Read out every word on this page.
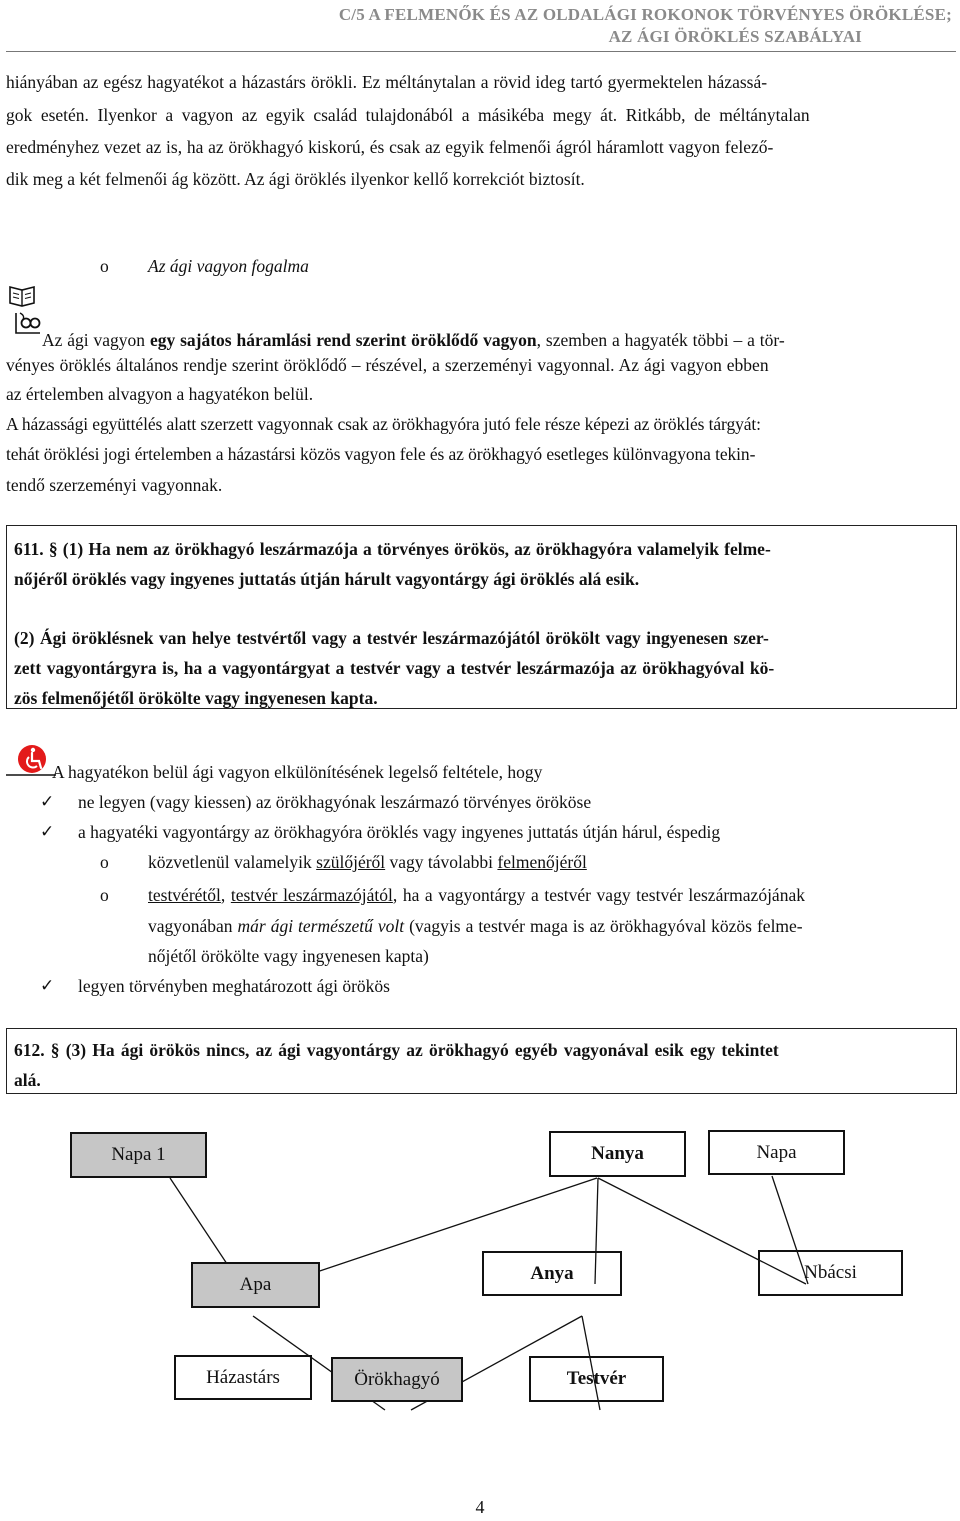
C/5 A FELMENŐK ÉS AZ OLDALÁGI ROKONOK TÖRVÉNYES ÖRÖKLÉSE;
AZ ÁGI ÖRÖKLÉS SZABÁLYAI
hiányában az egész hagyatékot a házastárs örökli. Ez méltánytalan a rövid ideg tartó gyermektelen házassá-
gok esetén. Ilyenkor a vagyon az egyik család tulajdonából a másikéba megy át. Ritkább, de méltánytalan
eredményhez vezet az is, ha az örökhagyó kiskorú, és csak az egyik felmenői ágról háramlott vagyon felező-
dik meg a két felmenői ág között. Az ági öröklés ilyenkor kellő korrekciót biztosít.
o Az ági vagyon fogalma
Az ági vagyon egy sajátos háramlási rend szerint öröklődő vagyon, szemben a hagyaték többi – a tör-
vényes öröklés általános rendje szerint öröklődő – részével, a szerzeményi vagyonnal. Az ági vagyon ebben
az értelemben alvagyon a hagyatékon belül.
A házassági együttélés alatt szerzett vagyonnak csak az örökhagyóra jutó fele része képezi az öröklés tárgyát:
tehát öröklési jogi értelemben a házastársi közös vagyon fele és az örökhagyó esetleges különvagyona tekin-
tendő szerzeményi vagyonnak.
611. § (1) Ha nem az örökhagyó leszármazója a törvényes örökös, az örökhagyóra valamelyik felme-
nőjéről öröklés vagy ingyenes juttatás útján hárult vagyontárgy ági öröklés alá esik.
(2) Ági öröklésnek van helye testvértől vagy a testvér leszármazójától örökölt vagy ingyenesen szer-
zett vagyontárgyra is, ha a vagyontárgyat a testvér vagy a testvér leszármazója az örökhagyóval kö-
zös felmenőjétől örökölte vagy ingyenesen kapta.
A hagyatékon belül ági vagyon elkülönítésének legelső feltétele, hogy
✓ ne legyen (vagy kiessen) az örökhagyónak leszármazó törvényes örököse
✓ a hagyatéki vagyontárgy az örökhagyóra öröklés vagy ingyenes juttatás útján hárul, éspedig
o közvetlenül valamelyik szülőjéről vagy távolabbi felmenőjéről
o testvérétől, testvér leszármazójától, ha a vagyontárgy a testvér vagy testvér leszármazójának
vagyonában már ági természetű volt (vagyis a testvér maga is az örökhagyóval közös felme-
nőjétől örökölte vagy ingyenesen kapta)
✓ legyen törvényben meghatározott ági örökös
612. § (3) Ha ági örökös nincs, az ági vagyontárgy az örökhagyó egyéb vagyonával esik egy tekintet
alá.
Napa 1	Nanya	Napa
Apa
Anya	Nbácsi
Házastárs	Örökhagyó	Testvér
4
